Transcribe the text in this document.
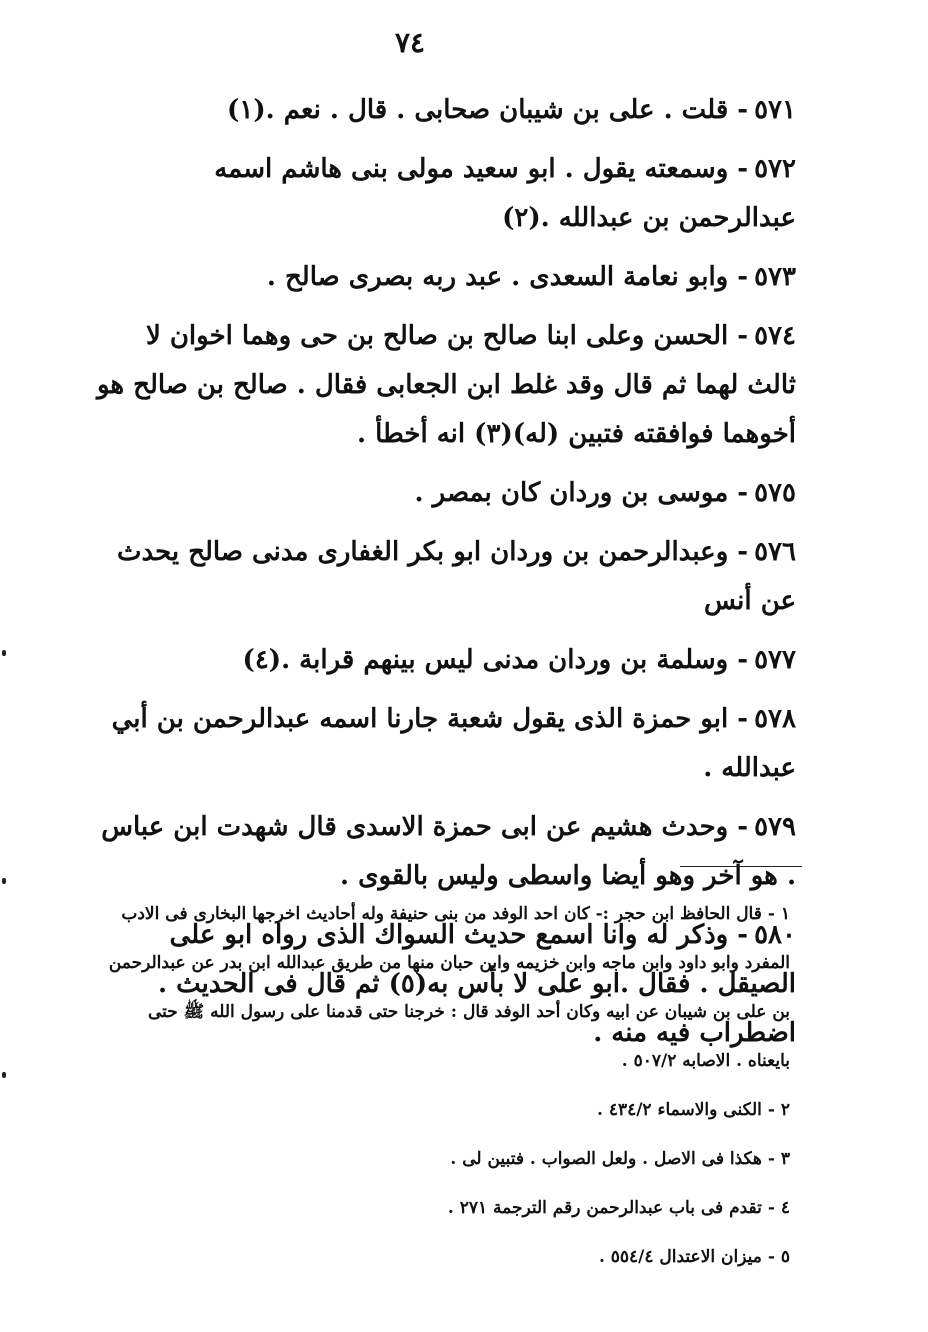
٧٤

٥٧١- قلت . على بن شيبان صحابى . قال . نعم .(١)

٥٧٢- وسمعته يقول . ابو سعيد مولى بنى هاشم اسمه عبدالرحمن بن عبدالله .(٢)

٥٧٣- وابو نعامة السعدى . عبد ربه بصرى صالح .

٥٧٤- الحسن وعلى ابنا صالح بن صالح بن حى وهما اخوان لا ثالث لهما ثم قال وقد غلط ابن الجعابى فقال . صالح بن صالح هو أخوهما فوافقته فتبين (له)(٣) انه أخطأ .

٥٧٥- موسى بن وردان كان بمصر .

٥٧٦- وعبدالرحمن بن وردان ابو بكر الغفارى مدنى صالح يحدث عن أنس

٥٧٧- وسلمة بن وردان مدنى ليس بينهم قرابة .(٤)

٥٧٨- ابو حمزة الذى يقول شعبة جارنا اسمه عبدالرحمن بن أبي عبدالله .

٥٧٩- وحدث هشيم عن ابى حمزة الاسدى قال شهدت ابن عباس . هو آخر وهو أيضا واسطى وليس بالقوى .

٥٨٠- وذكر له وانا اسمع حديث السواك الذى رواه ابو على الصيقل . فقال .ابو على لا بأس به(٥) ثم قال فى الحديث . اضطراب فيه منه .

١ -قال الحافظ ابن حجر :- كان احد الوفد من بنى حنيفة وله أحاديث اخرجها البخارى فى الادب المفرد وابو داود وابن ماجه وابن خزيمه وابن حبان منها من طريق عبدالله ابن بدر عن عبدالرحمن بن على بن شيبان عن ابيه وكان أحد الوفد قال : خرجنا حتى قدمنا على رسول الله ﷺ حتى بايعناه . الاصابه ٥٠٧/٢ .

٢ -الكنى والاسماء ٤٣٤/٢ .

٣ -هكذا فى الاصل . ولعل الصواب . فتبين لى .

٤ -تقدم فى باب عبدالرحمن رقم الترجمة ٢٧١ .

٥ -ميزان الاعتدال ٥٥٤/٤ .
